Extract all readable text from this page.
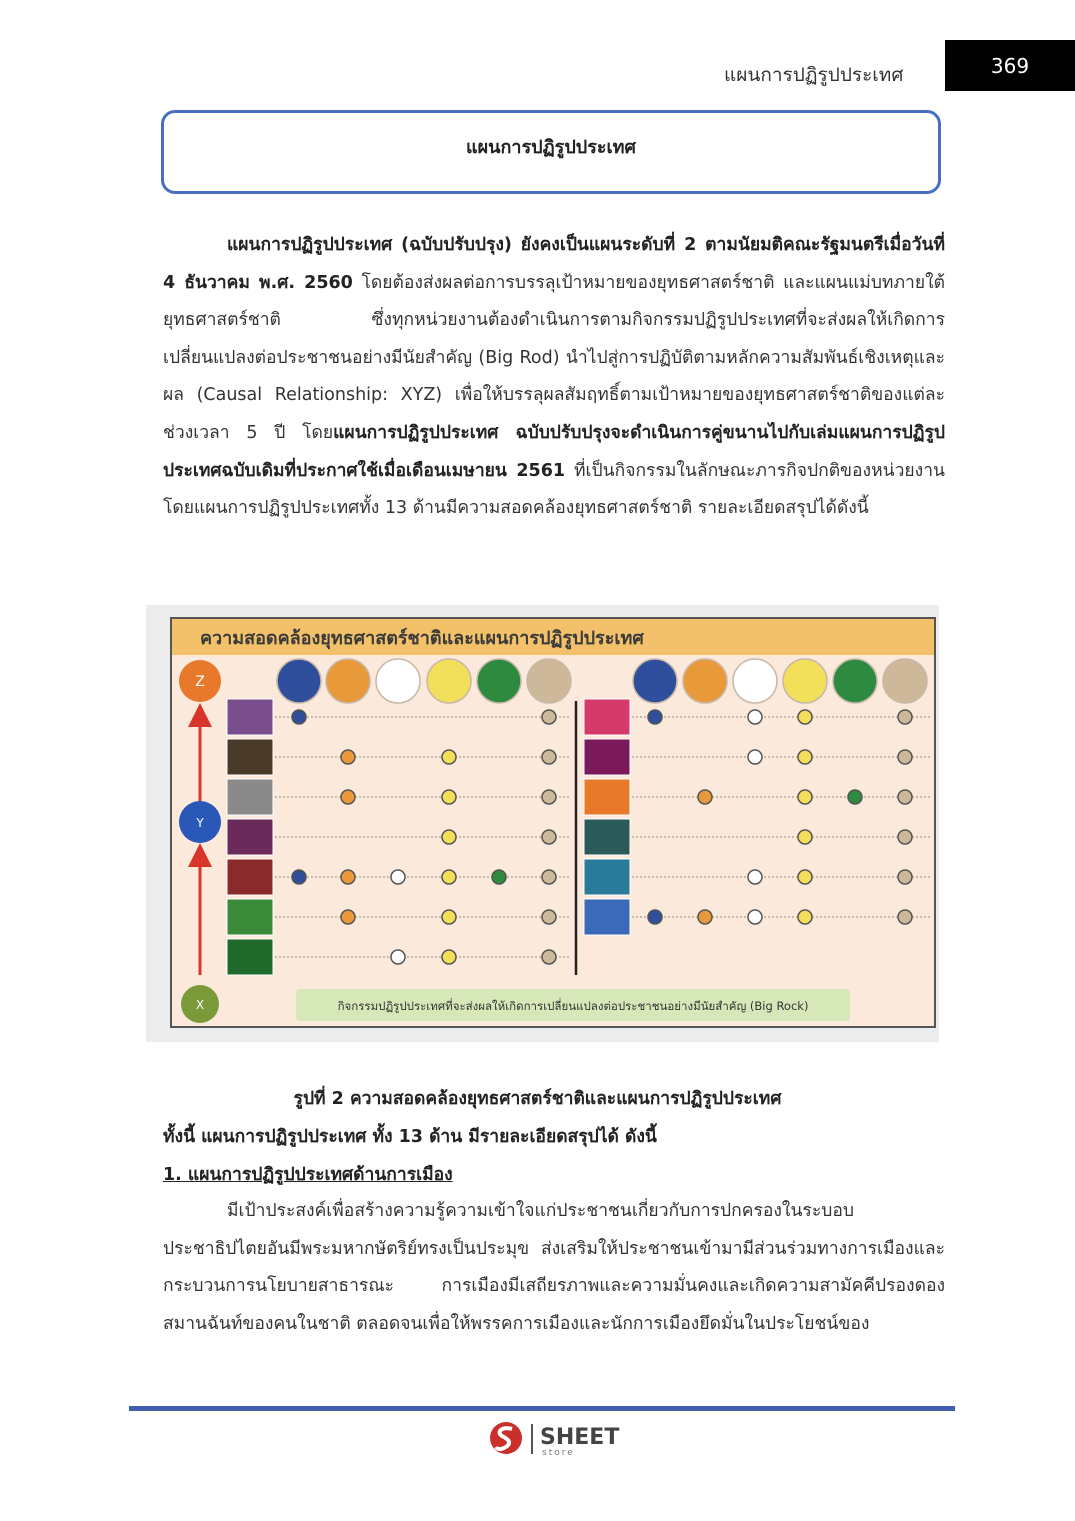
แผนการปฏิรูปประเทศ	369
แผนการปฏิรูปประเทศ
แผนการปฏิรูปประเทศ (ฉบับปรับปรุง) ยังคงเป็นแผนระดับที่ 2 ตามนัยมติคณะรัฐมนตรีเมื่อวันที่ 4 ธันวาคม พ.ศ. 2560 โดยต้องส่งผลต่อการบรรลุเป้าหมายของยุทธศาสตร์ชาติ และแผนแม่บทภายใต้ยุทธศาสตร์ชาติ ซึ่งทุกหน่วยงานต้องดำเนินการตามกิจกรรมปฏิรูปประเทศที่จะส่งผลให้เกิดการเปลี่ยนแปลงต่อประชาชนอย่างมีนัยสำคัญ (Big Rod) นำไปสู่การปฏิบัติตามหลักความสัมพันธ์เชิงเหตุและผล (Causal Relationship: XYZ) เพื่อให้บรรลุผลสัมฤทธิ์ตามเป้าหมายของยุทธศาสตร์ชาติของแต่ละช่วงเวลา 5 ปี โดยแผนการปฏิรูปประเทศ ฉบับปรับปรุงจะดำเนินการคู่ขนานไปกับเล่มแผนการปฏิรูปประเทศฉบับเดิมที่ประกาศใช้เมื่อเดือนเมษายน 2561 ที่เป็นกิจกรรมในลักษณะภารกิจปกติของหน่วยงาน โดยแผนการปฏิรูปประเทศทั้ง 13 ด้านมีความสอดคล้องยุทธศาสตร์ชาติ รายละเอียดสรุปได้ดังนี้
ความสอดคล้องยุทธศาสตร์ชาติและแผนการปฏิรูปประเทศ
Z
Y
X	กิจกรรมปฏิรูปประเทศที่จะส่งผลให้เกิดการเปลี่ยนแปลงต่อประชาชนอย่างมีนัยสำคัญ (Big Rock)
รูปที่ 2 ความสอดคล้องยุทธศาสตร์ชาติและแผนการปฏิรูปประเทศ
ทั้งนี้ แผนการปฏิรูปประเทศ ทั้ง 13 ด้าน มีรายละเอียดสรุปได้ ดังนี้
1. แผนการปฏิรูปประเทศด้านการเมือง
มีเป้าประสงค์เพื่อสร้างความรู้ความเข้าใจแก่ประชาชนเกี่ยวกับการปกครองในระบอบประชาธิปไตยอันมีพระมหากษัตริย์ทรงเป็นประมุข ส่งเสริมให้ประชาชนเข้ามามีส่วนร่วมทางการเมืองและกระบวนการนโยบายสาธารณะ การเมืองมีเสถียรภาพและความมั่นคงและเกิดความสามัคคีปรองดองสมานฉันท์ของคนในชาติ ตลอดจนเพื่อให้พรรคการเมืองและนักการเมืองยึดมั่นในประโยชน์ของ
SHEET
store
